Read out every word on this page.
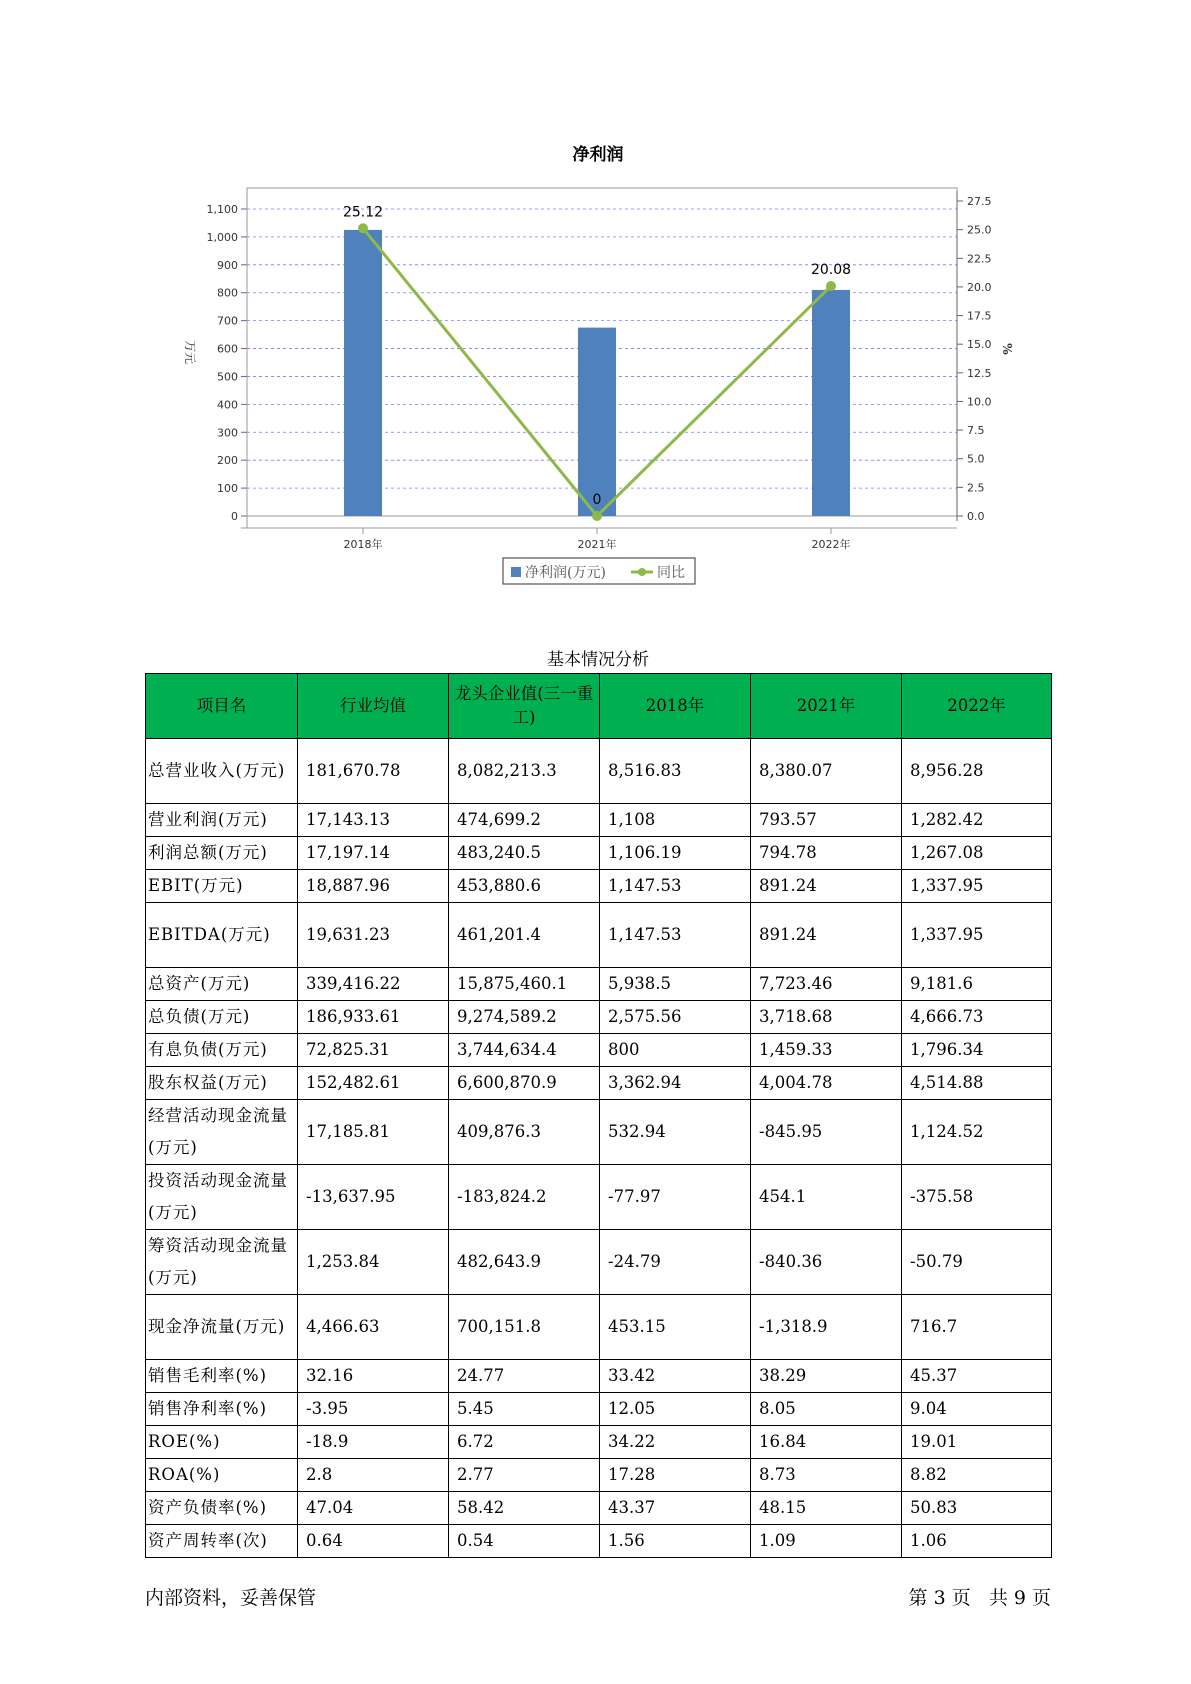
净利润
0
100
200
300
400
500
600
700
800
900
1,000
1,100
0.0
2.5
5.0
7.5
10.0
12.5
15.0
17.5
20.0
22.5
25.0
27.5
万元	%
2018年	2021年	2022年
25.12
0
20.08
净利润(万元)	同比
基本情况分析
项目名	行业均值	龙头企业值(三一重工)	2018年	2021年	2022年
总营业收入(万元)	181,670.78	8,082,213.3	8,516.83	8,380.07	8,956.28
营业利润(万元)	17,143.13	474,699.2	1,108	793.57	1,282.42
利润总额(万元)	17,197.14	483,240.5	1,106.19	794.78	1,267.08
EBIT(万元)	18,887.96	453,880.6	1,147.53	891.24	1,337.95
EBITDA(万元)	19,631.23	461,201.4	1,147.53	891.24	1,337.95
总资产(万元)	339,416.22	15,875,460.1	5,938.5	7,723.46	9,181.6
总负债(万元)	186,933.61	9,274,589.2	2,575.56	3,718.68	4,666.73
有息负债(万元)	72,825.31	3,744,634.4	800	1,459.33	1,796.34
股东权益(万元)	152,482.61	6,600,870.9	3,362.94	4,004.78	4,514.88
经营活动现金流量(万元)	17,185.81	409,876.3	532.94	-845.95	1,124.52
投资活动现金流量(万元)	-13,637.95	-183,824.2	-77.97	454.1	-375.58
筹资活动现金流量(万元)	1,253.84	482,643.9	-24.79	-840.36	-50.79
现金净流量(万元)	4,466.63	700,151.8	453.15	-1,318.9	716.7
销售毛利率(%)	32.16	24.77	33.42	38.29	45.37
销售净利率(%)	-3.95	5.45	12.05	8.05	9.04
ROE(%)	-18.9	6.72	34.22	16.84	19.01
ROA(%)	2.8	2.77	17.28	8.73	8.82
资产负债率(%)	47.04	58.42	43.37	48.15	50.83
资产周转率(次)	0.64	0.54	1.56	1.09	1.06
内部资料，妥善保管	第 3 页   共 9 页
